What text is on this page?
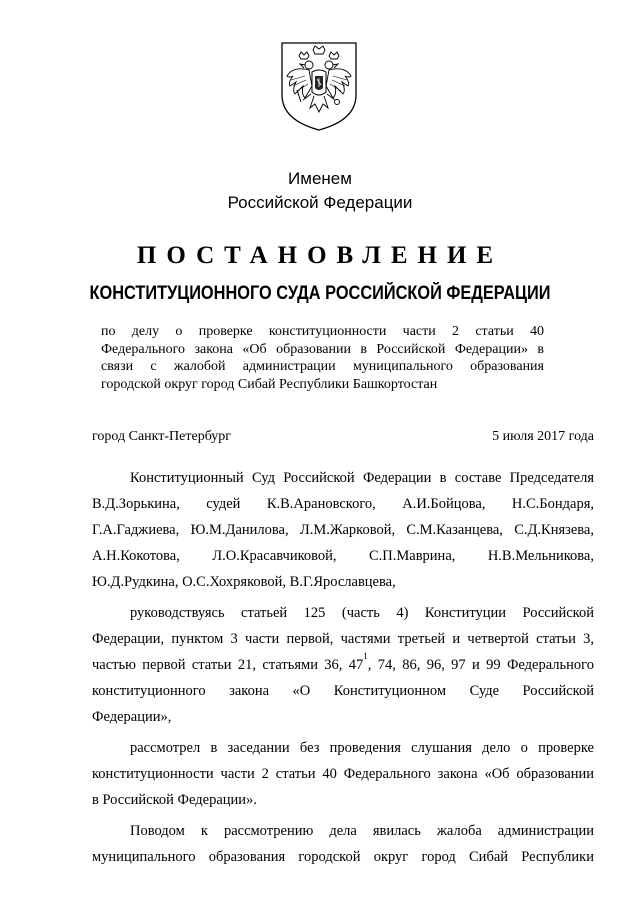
Именем
Российской Федерации
ПОСТАНОВЛЕНИЕ
КОНСТИТУЦИОННОГО СУДА РОССИЙСКОЙ ФЕДЕРАЦИИ
по делу о проверке конституционности части 2 статьи 40
Федерального закона «Об образовании в Российской Федерации» в
связи с жалобой администрации муниципального образования
городской округ город Сибай Республики Башкортостан
город Санкт-Петербург	5 июля 2017 года
Конституционный Суд Российской Федерации в составе Председателя
В.Д.Зорькина, судей К.В.Арановского, А.И.Бойцова, Н.С.Бондаря,
Г.А.Гаджиева, Ю.М.Данилова, Л.М.Жарковой, С.М.Казанцева, С.Д.Князева,
А.Н.Кокотова, Л.О.Красавчиковой, С.П.Маврина, Н.В.Мельникова,
Ю.Д.Рудкина, О.С.Хохряковой, В.Г.Ярославцева,
руководствуясь статьей 125 (часть 4) Конституции Российской
Федерации, пунктом 3 части первой, частями третьей и четвертой статьи 3,
частью первой статьи 21, статьями 36, $47^1$, 74, 86, 96, 97 и 99 Федерального
конституционного закона «О Конституционном Суде Российской
Федерации»,
рассмотрел в заседании без проведения слушания дело о проверке
конституционности части 2 статьи 40 Федерального закона «Об образовании
в Российской Федерации».
Поводом к рассмотрению дела явилась жалоба администрации
муниципального образования городской округ город Сибай Республики
